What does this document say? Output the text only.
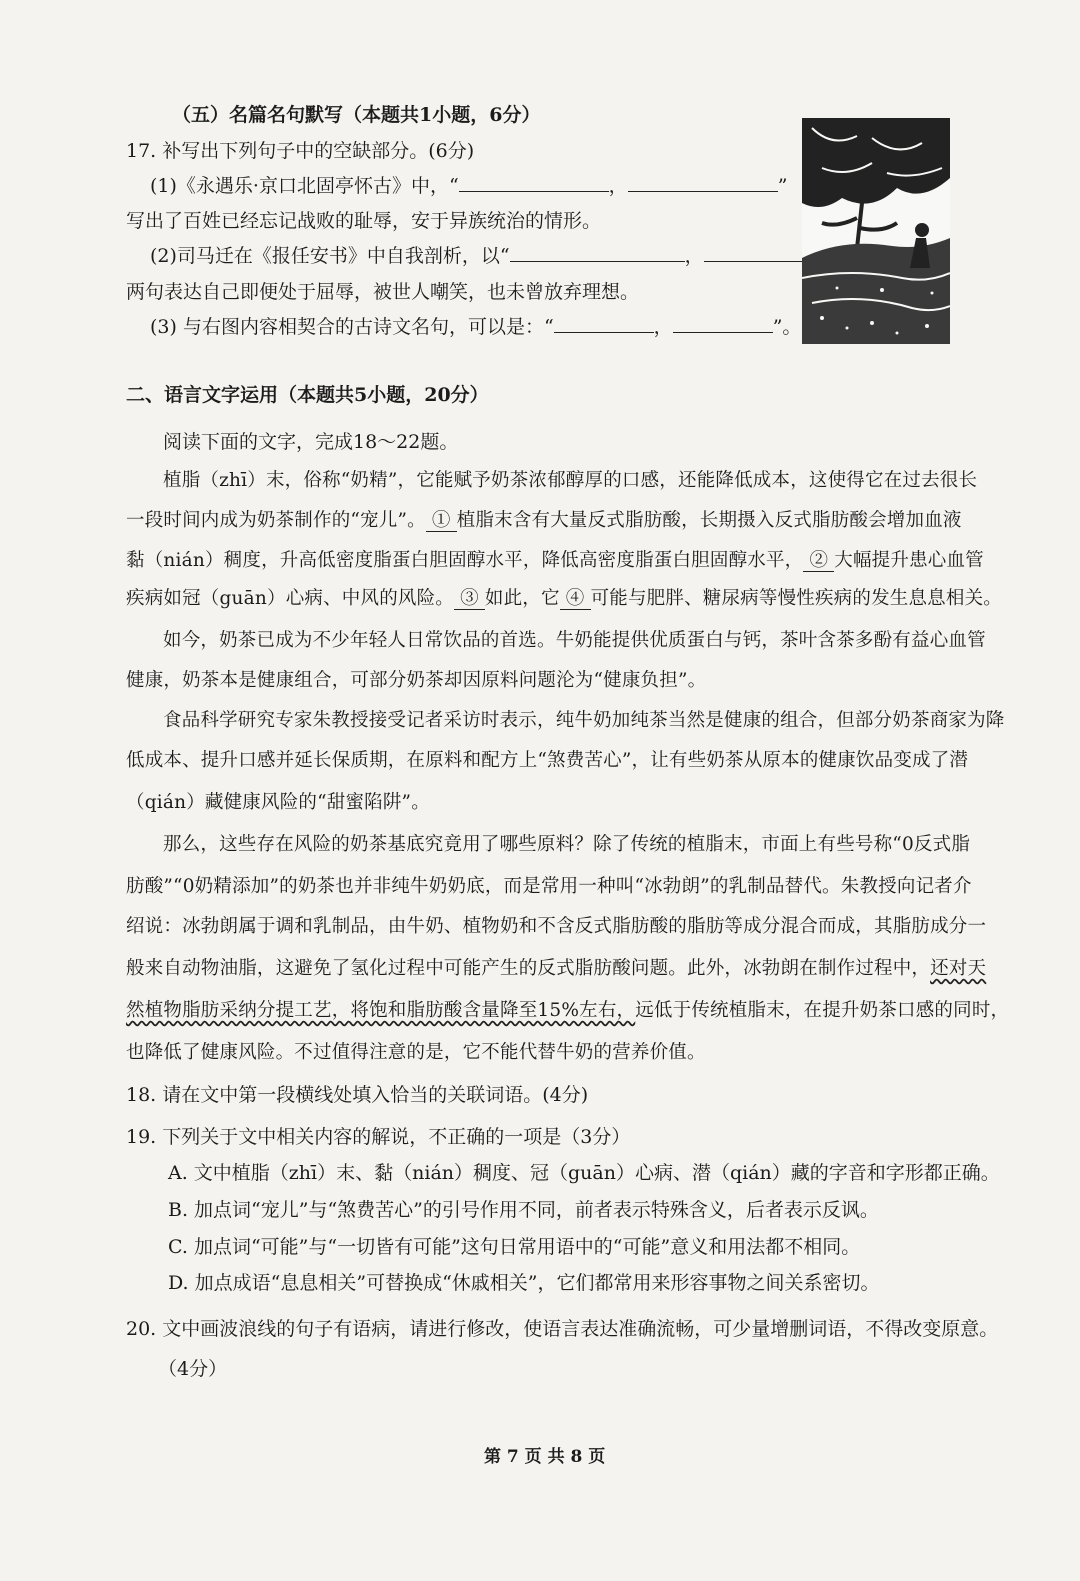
（五）名篇名句默写（本题共1小题，6分）
17. 补写出下列句子中的空缺部分。(6分)
(1)《永遇乐·京口北固亭怀古》中，“	，	”
写出了百姓已经忘记战败的耻辱，安于异族统治的情形。
(2)司马迁在《报任安书》中自我剖析，以“	，
两句表达自己即便处于屈辱，被世人嘲笑，也未曾放弃理想。
(3) 与右图内容相契合的古诗文名句，可以是：“	，	”。
二、语言文字运用（本题共5小题，20分）
阅读下面的文字，完成18～22题。
植脂（zhī）末，俗称“奶精”，它能赋予奶茶浓郁醇厚的口感，还能降低成本，这使得它在过去很长
一段时间内成为奶茶制作的“宠儿”。 ① 植脂末含有大量反式脂肪酸，长期摄入反式脂肪酸会增加血液
黏（nián）稠度，升高低密度脂蛋白胆固醇水平，降低高密度脂蛋白胆固醇水平， ② 大幅提升患心血管
疾病如冠（guān）心病、中风的风险。 ③ 如此，它 ④ 可能与肥胖、糖尿病等慢性疾病的发生息息相关。
如今，奶茶已成为不少年轻人日常饮品的首选。牛奶能提供优质蛋白与钙，茶叶含茶多酚有益心血管
健康，奶茶本是健康组合，可部分奶茶却因原料问题沦为“健康负担”。
食品科学研究专家朱教授接受记者采访时表示，纯牛奶加纯茶当然是健康的组合，但部分奶茶商家为降
低成本、提升口感并延长保质期，在原料和配方上“煞费苦心”，让有些奶茶从原本的健康饮品变成了潜
（qián）藏健康风险的“甜蜜陷阱”。
那么，这些存在风险的奶茶基底究竟用了哪些原料？除了传统的植脂末，市面上有些号称“0反式脂
肪酸”“0奶精添加”的奶茶也并非纯牛奶奶底，而是常用一种叫“冰勃朗”的乳制品替代。朱教授向记者介
绍说：冰勃朗属于调和乳制品，由牛奶、植物奶和不含反式脂肪酸的脂肪等成分混合而成，其脂肪成分一
般来自动物油脂，这避免了氢化过程中可能产生的反式脂肪酸问题。此外，冰勃朗在制作过程中，还对天
然植物脂肪采纳分提工艺，将饱和脂肪酸含量降至15%左右，远低于传统植脂末，在提升奶茶口感的同时，
也降低了健康风险。不过值得注意的是，它不能代替牛奶的营养价值。
18. 请在文中第一段横线处填入恰当的关联词语。(4分)
19. 下列关于文中相关内容的解说，不正确的一项是（3分）
A. 文中植脂（zhī）末、黏（nián）稠度、冠（guān）心病、潜（qián）藏的字音和字形都正确。
B. 加点词“宠儿”与“煞费苦心”的引号作用不同，前者表示特殊含义，后者表示反讽。
C. 加点词“可能”与“一切皆有可能”这句日常用语中的“可能”意义和用法都不相同。
D. 加点成语“息息相关”可替换成“休戚相关”，它们都常用来形容事物之间关系密切。
20. 文中画波浪线的句子有语病，请进行修改，使语言表达准确流畅，可少量增删词语，不得改变原意。
（4分）
第 7 页 共 8 页
